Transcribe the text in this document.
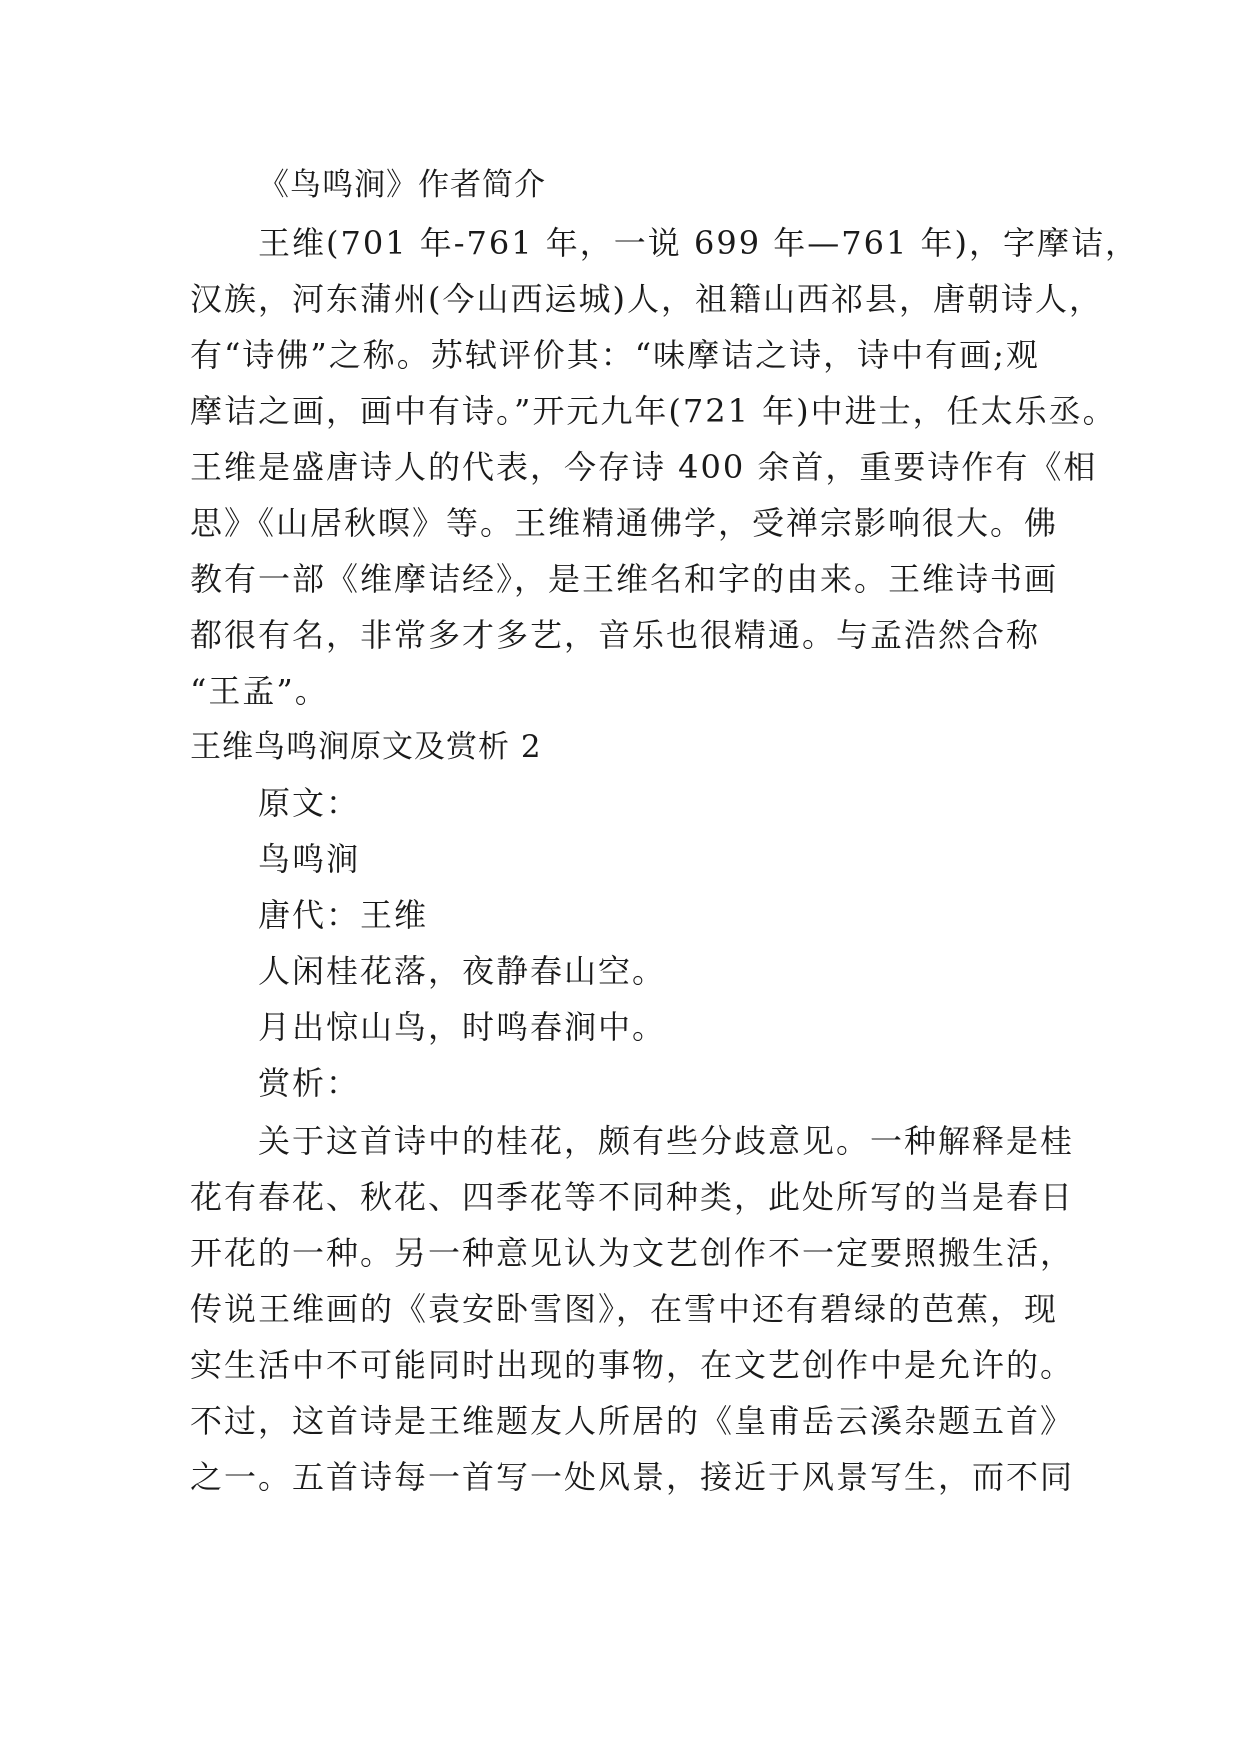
《鸟鸣涧》作者简介
王维(701 年-761 年，一说 699 年—761 年)，字摩诘，
汉族，河东蒲州(今山西运城)人，祖籍山西祁县，唐朝诗人，
有“诗佛”之称。苏轼评价其：“味摩诘之诗，诗中有画;观
摩诘之画，画中有诗。”开元九年(721 年)中进士，任太乐丞。
王维是盛唐诗人的代表，今存诗 400 余首，重要诗作有《相
思》《山居秋暝》等。王维精通佛学，受禅宗影响很大。佛
教有一部《维摩诘经》，是王维名和字的由来。王维诗书画
都很有名，非常多才多艺，音乐也很精通。与孟浩然合称
“王孟”。
王维鸟鸣涧原文及赏析 2
原文：
鸟鸣涧
唐代：王维
人闲桂花落，夜静春山空。
月出惊山鸟，时鸣春涧中。
赏析：
关于这首诗中的桂花，颇有些分歧意见。一种解释是桂
花有春花、秋花、四季花等不同种类，此处所写的当是春日
开花的一种。另一种意见认为文艺创作不一定要照搬生活，
传说王维画的《袁安卧雪图》，在雪中还有碧绿的芭蕉，现
实生活中不可能同时出现的事物，在文艺创作中是允许的。
不过，这首诗是王维题友人所居的《皇甫岳云溪杂题五首》
之一。五首诗每一首写一处风景，接近于风景写生，而不同
